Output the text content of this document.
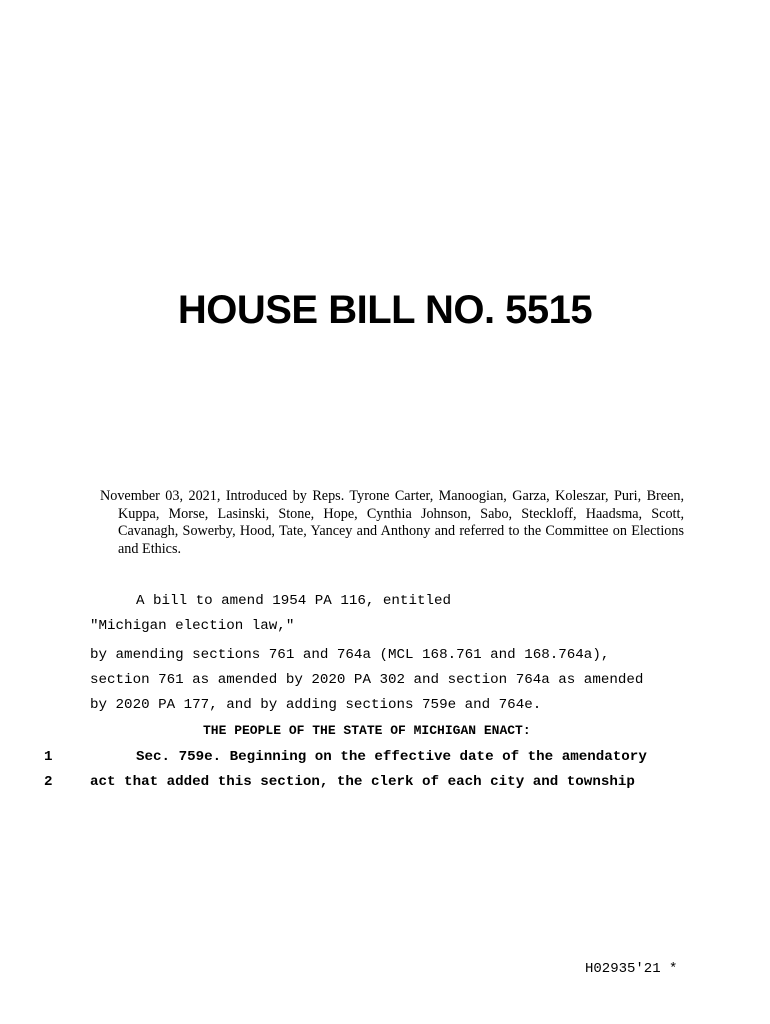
HOUSE BILL NO. 5515
November 03, 2021, Introduced by Reps. Tyrone Carter, Manoogian, Garza, Koleszar, Puri, Breen, Kuppa, Morse, Lasinski, Stone, Hope, Cynthia Johnson, Sabo, Steckloff, Haadsma, Scott, Cavanagh, Sowerby, Hood, Tate, Yancey and Anthony and referred to the Committee on Elections and Ethics.
A bill to amend 1954 PA 116, entitled
"Michigan election law,"
by amending sections 761 and 764a (MCL 168.761 and 168.764a),
section 761 as amended by 2020 PA 302 and section 764a as amended
by 2020 PA 177, and by adding sections 759e and 764e.
THE PEOPLE OF THE STATE OF MICHIGAN ENACT:
1	Sec. 759e. Beginning on the effective date of the amendatory
2	act that added this section, the clerk of each city and township
H02935'21 *
